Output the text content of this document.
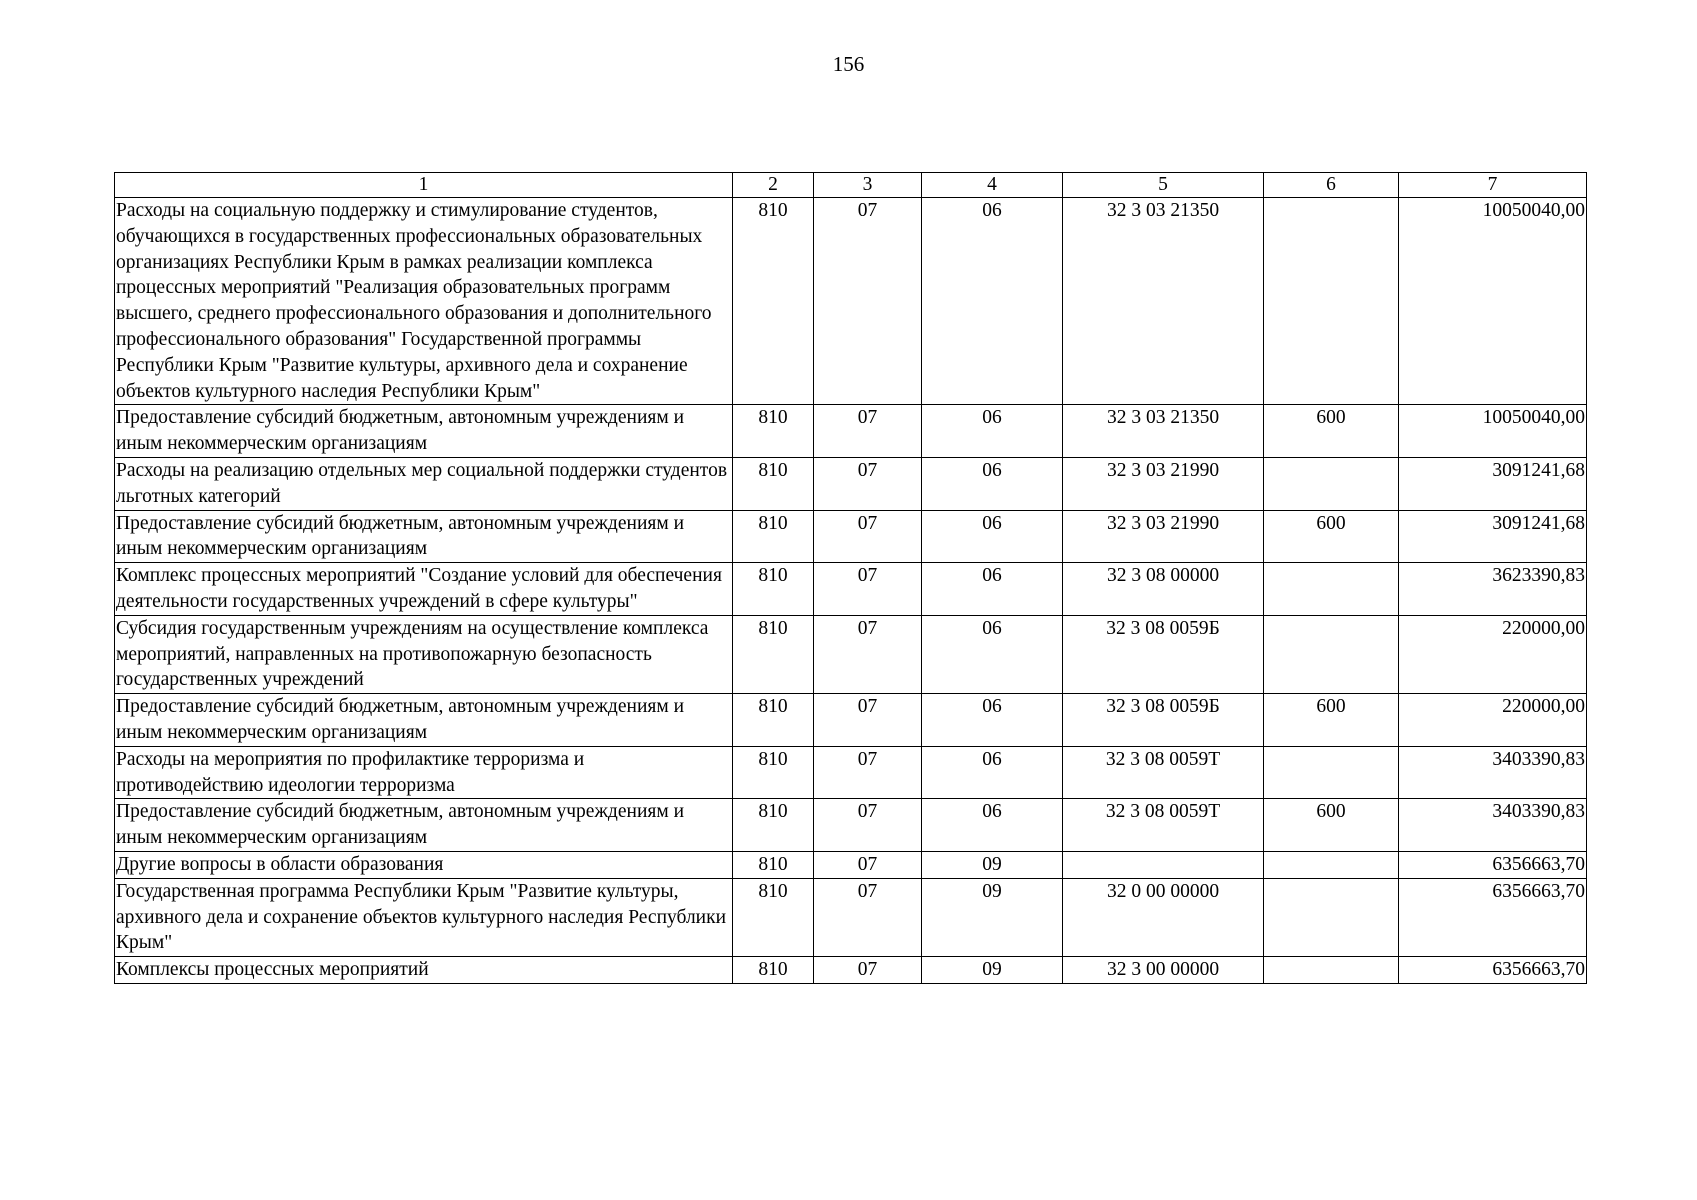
156
1	2	3	4	5	6	7
Расходы на социальную поддержку и стимулирование студентов, обучающихся в государственных профессиональных образовательных организациях Республики Крым в рамках реализации комплекса процессных мероприятий "Реализация образовательных программ высшего, среднего профессионального образования и дополнительного профессионального образования" Государственной программы Республики Крым "Развитие культуры, архивного дела и сохранение объектов культурного наследия Республики Крым"	810	07	06	32 3 03 21350		10050040,00
Предоставление субсидий бюджетным, автономным учреждениям и иным некоммерческим организациям	810	07	06	32 3 03 21350	600	10050040,00
Расходы на реализацию отдельных мер социальной поддержки студентов льготных категорий	810	07	06	32 3 03 21990		3091241,68
Предоставление субсидий бюджетным, автономным учреждениям и иным некоммерческим организациям	810	07	06	32 3 03 21990	600	3091241,68
Комплекс процессных мероприятий "Создание условий для обеспечения деятельности государственных учреждений в сфере культуры"	810	07	06	32 3 08 00000		3623390,83
Субсидия государственным учреждениям на осуществление комплекса мероприятий, направленных на противопожарную безопасность государственных учреждений	810	07	06	32 3 08 0059Б		220000,00
Предоставление субсидий бюджетным, автономным учреждениям и иным некоммерческим организациям	810	07	06	32 3 08 0059Б	600	220000,00
Расходы на мероприятия по профилактике терроризма и противодействию идеологии терроризма	810	07	06	32 3 08 0059Т		3403390,83
Предоставление субсидий бюджетным, автономным учреждениям и иным некоммерческим организациям	810	07	06	32 3 08 0059Т	600	3403390,83
Другие вопросы в области образования	810	07	09			6356663,70
Государственная программа Республики Крым "Развитие культуры, архивного дела и сохранение объектов культурного наследия Республики Крым"	810	07	09	32 0 00 00000		6356663,70
Комплексы процессных мероприятий	810	07	09	32 3 00 00000		6356663,70
